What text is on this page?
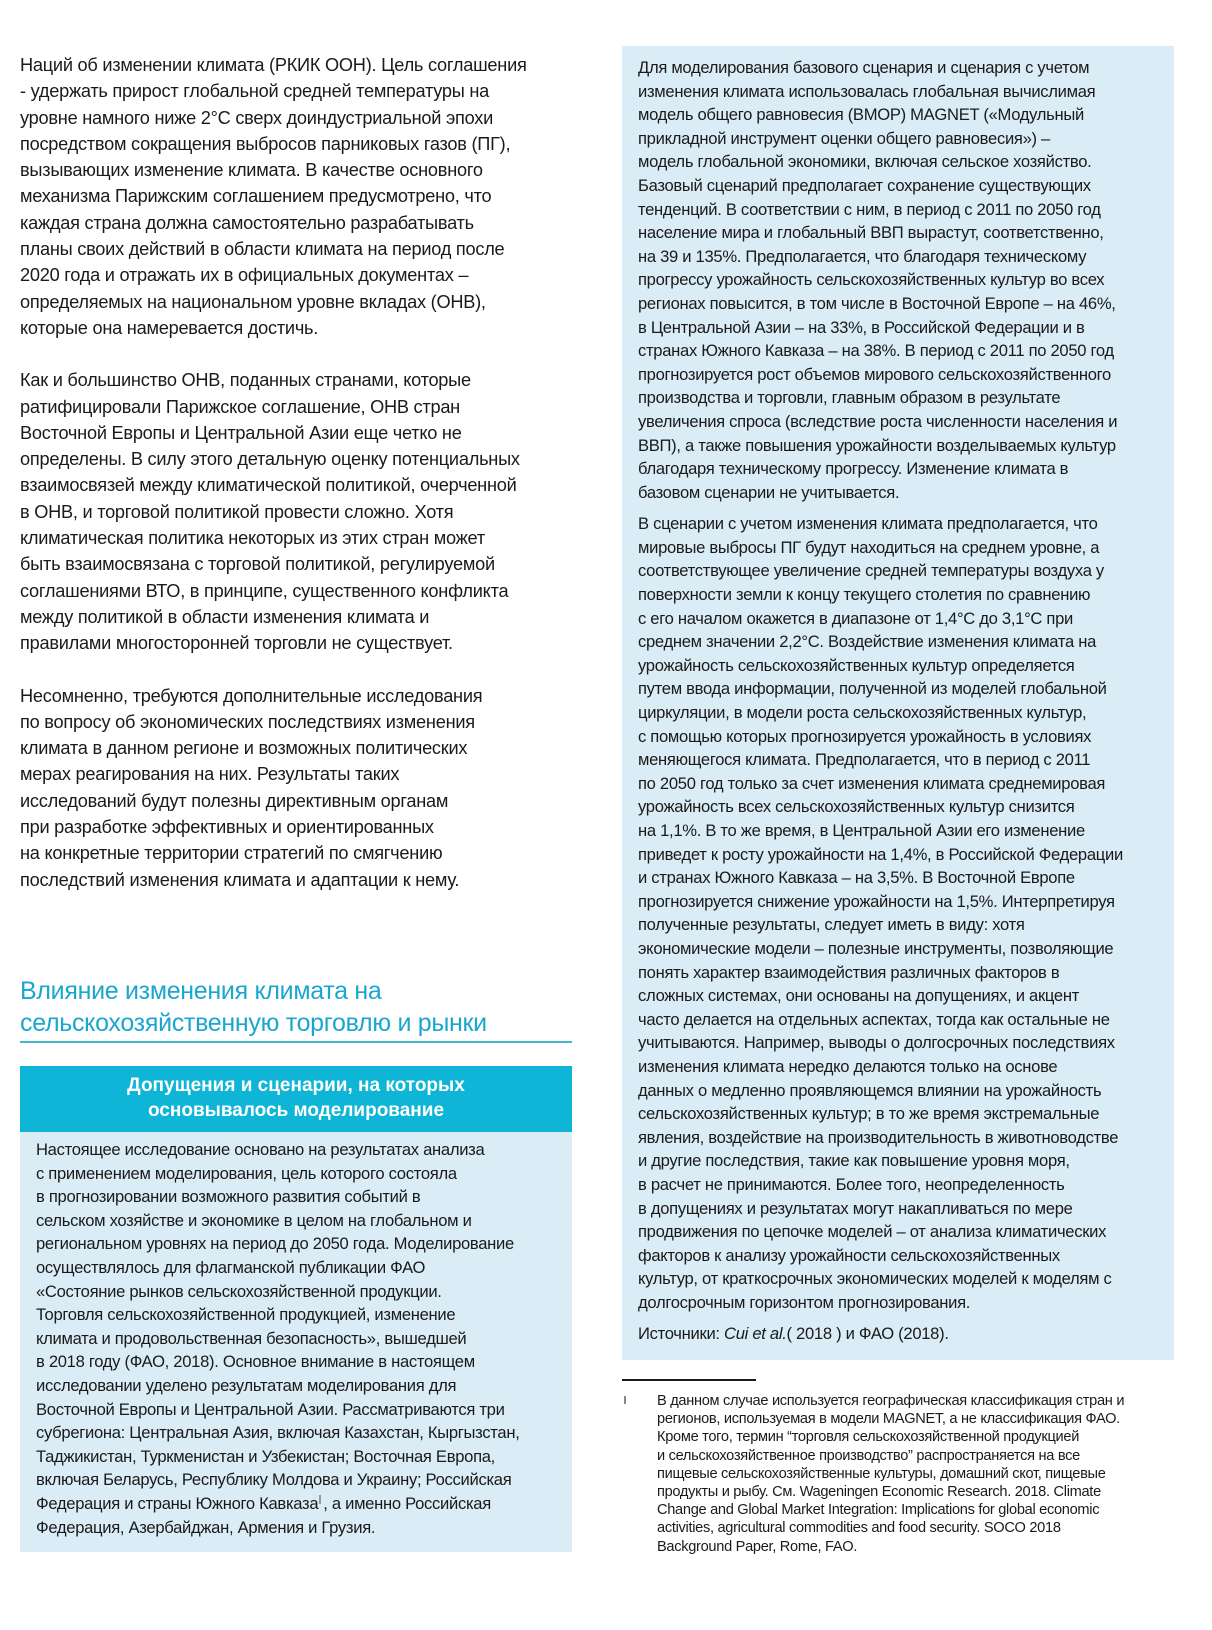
Наций об изменении климата (РКИК ООН). Цель соглашения
- удержать прирост глобальной средней температуры на
уровне намного ниже 2°С сверх доиндустриальной эпохи
посредством сокращения выбросов парниковых газов (ПГ),
вызывающих изменение климата. В качестве основного
механизма Парижским соглашением предусмотрено, что
каждая страна должна самостоятельно разрабатывать
планы своих действий в области климата на период после
2020 года и отражать их в официальных документах –
определяемых на национальном уровне вкладах (ОНВ),
которые она намеревается достичь.

Как и большинство ОНВ, поданных странами, которые
ратифицировали Парижское соглашение, ОНВ стран
Восточной Европы и Центральной Азии еще четко не
определены. В силу этого детальную оценку потенциальных
взаимосвязей между климатической политикой, очерченной
в ОНВ, и торговой политикой провести сложно. Хотя
климатическая политика некоторых из этих стран может
быть взаимосвязана с торговой политикой, регулируемой
соглашениями ВТО, в принципе, существенного конфликта
между политикой в области изменения климата и
правилами многосторонней торговли не существует.

Несомненно, требуются дополнительные исследования
по вопросу об экономических последствиях изменения
климата в данном регионе и возможных политических
мерах реагирования на них. Результаты таких
исследований будут полезны директивным органам
при разработке эффективных и ориентированных
на конкретные территории стратегий по смягчению
последствий изменения климата и адаптации к нему.

Влияние изменения климата на
сельскохозяйственную торговлю и рынки
Допущения и сценарии, на которых
основывалось моделирование
Настоящее исследование основано на результатах анализа
с применением моделирования, цель которого состояла
в прогнозировании возможного развития событий в
сельском хозяйстве и экономике в целом на глобальном и
региональном уровнях на период до 2050 года. Моделирование
осуществлялось для флагманской публикации ФАО
«Состояние рынков сельскохозяйственной продукции.
Торговля сельскохозяйственной продукцией, изменение
климата и продовольственная безопасность», вышедшей
в 2018 году (ФАО, 2018). Основное внимание в настоящем
исследовании уделено результатам моделирования для
Восточной Европы и Центральной Азии. Рассматриваются три
субрегиона: Центральная Азия, включая Казахстан, Кыргызстан,
Таджикистан, Туркменистан и Узбекистан; Восточная Европа,
включая Беларусь, Республику Молдова и Украину; Российская
Федерация и страны Южного Кавказа , а именно Российская
Федерация, Азербайджан, Армения и Грузия.
Для моделирования базового сценария и сценария с учетом
изменения климата использовалась глобальная вычислимая
модель общего равновесия (ВМОР) MAGNET («Модульный
прикладной инструмент оценки общего равновесия») –
модель глобальной экономики, включая сельское хозяйство.
Базовый сценарий предполагает сохранение существующих
тенденций. В соответствии с ним, в период с 2011 по 2050 год
население мира и глобальный ВВП вырастут, соответственно,
на 39 и 135%. Предполагается, что благодаря техническому
прогрессу урожайность сельскохозяйственных культур во всех
регионах повысится, в том числе в Восточной Европе – на 46%,
в Центральной Азии – на 33%, в Российской Федерации и в
странах Южного Кавказа – на 38%. В период с 2011 по 2050 год
прогнозируется рост объемов мирового сельскохозяйственного
производства и торговли, главным образом в результате
увеличения спроса (вследствие роста численности населения и
ВВП), а также повышения урожайности возделываемых культур
благодаря техническому прогрессу. Изменение климата в
базовом сценарии не учитывается.
В сценарии с учетом изменения климата предполагается, что
мировые выбросы ПГ будут находиться на среднем уровне, а
соответствующее увеличение средней температуры воздуха у
поверхности земли к концу текущего столетия по сравнению
с его началом окажется в диапазоне от 1,4°С до 3,1°С при
среднем значении 2,2°С. Воздействие изменения климата на
урожайность сельскохозяйственных культур определяется
путем ввода информации, полученной из моделей глобальной
циркуляции, в модели роста сельскохозяйственных культур,
с помощью которых прогнозируется урожайность в условиях
меняющегося климата. Предполагается, что в период с 2011
по 2050 год только за счет изменения климата среднемировая
урожайность всех сельскохозяйственных культур снизится
на 1,1%. В то же время, в Центральной Азии его изменение
приведет к росту урожайности на 1,4%, в Российской Федерации
и странах Южного Кавказа – на 3,5%. В Восточной Европе
прогнозируется снижение урожайности на 1,5%. Интерпретируя
полученные результаты, следует иметь в виду: хотя
экономические модели – полезные инструменты, позволяющие
понять характер взаимодействия различных факторов в
сложных системах, они основаны на допущениях, и акцент
часто делается на отдельных аспектах, тогда как остальные не
учитываются. Например, выводы о долгосрочных последствиях
изменения климата нередко делаются только на основе
данных о медленно проявляющемся влиянии на урожайность
сельскохозяйственных культур; в то же время экстремальные
явления, воздействие на производительность в животноводстве
и другие последствия, такие как повышение уровня моря,
в расчет не принимаются. Более того, неопределенность
в допущениях и результатах могут накапливаться по мере
продвижения по цепочке моделей – от анализа климатических
факторов к анализу урожайности сельскохозяйственных
культур, от краткосрочных экономических моделей к моделям с
долгосрочным горизонтом прогнозирования.
Источники: Cui et al.( 2018 ) и ФАО (2018).
В данном случае используется географическая классификация стран и
регионов, используемая в модели MAGNET, а не классификация ФАО.
Кроме того, термин “торговля сельскохозяйственной продукцией
и сельскохозяйственное производство” распространяется на все
пищевые сельскохозяйственные культуры, домашний скот, пищевые
продукты и рыбу. См. Wageningen Economic Research. 2018. Climate
Change and Global Market Integration: Implications for global economic
activities, agricultural commodities and food security. SOCO 2018
Background Paper, Rome, FAO.
